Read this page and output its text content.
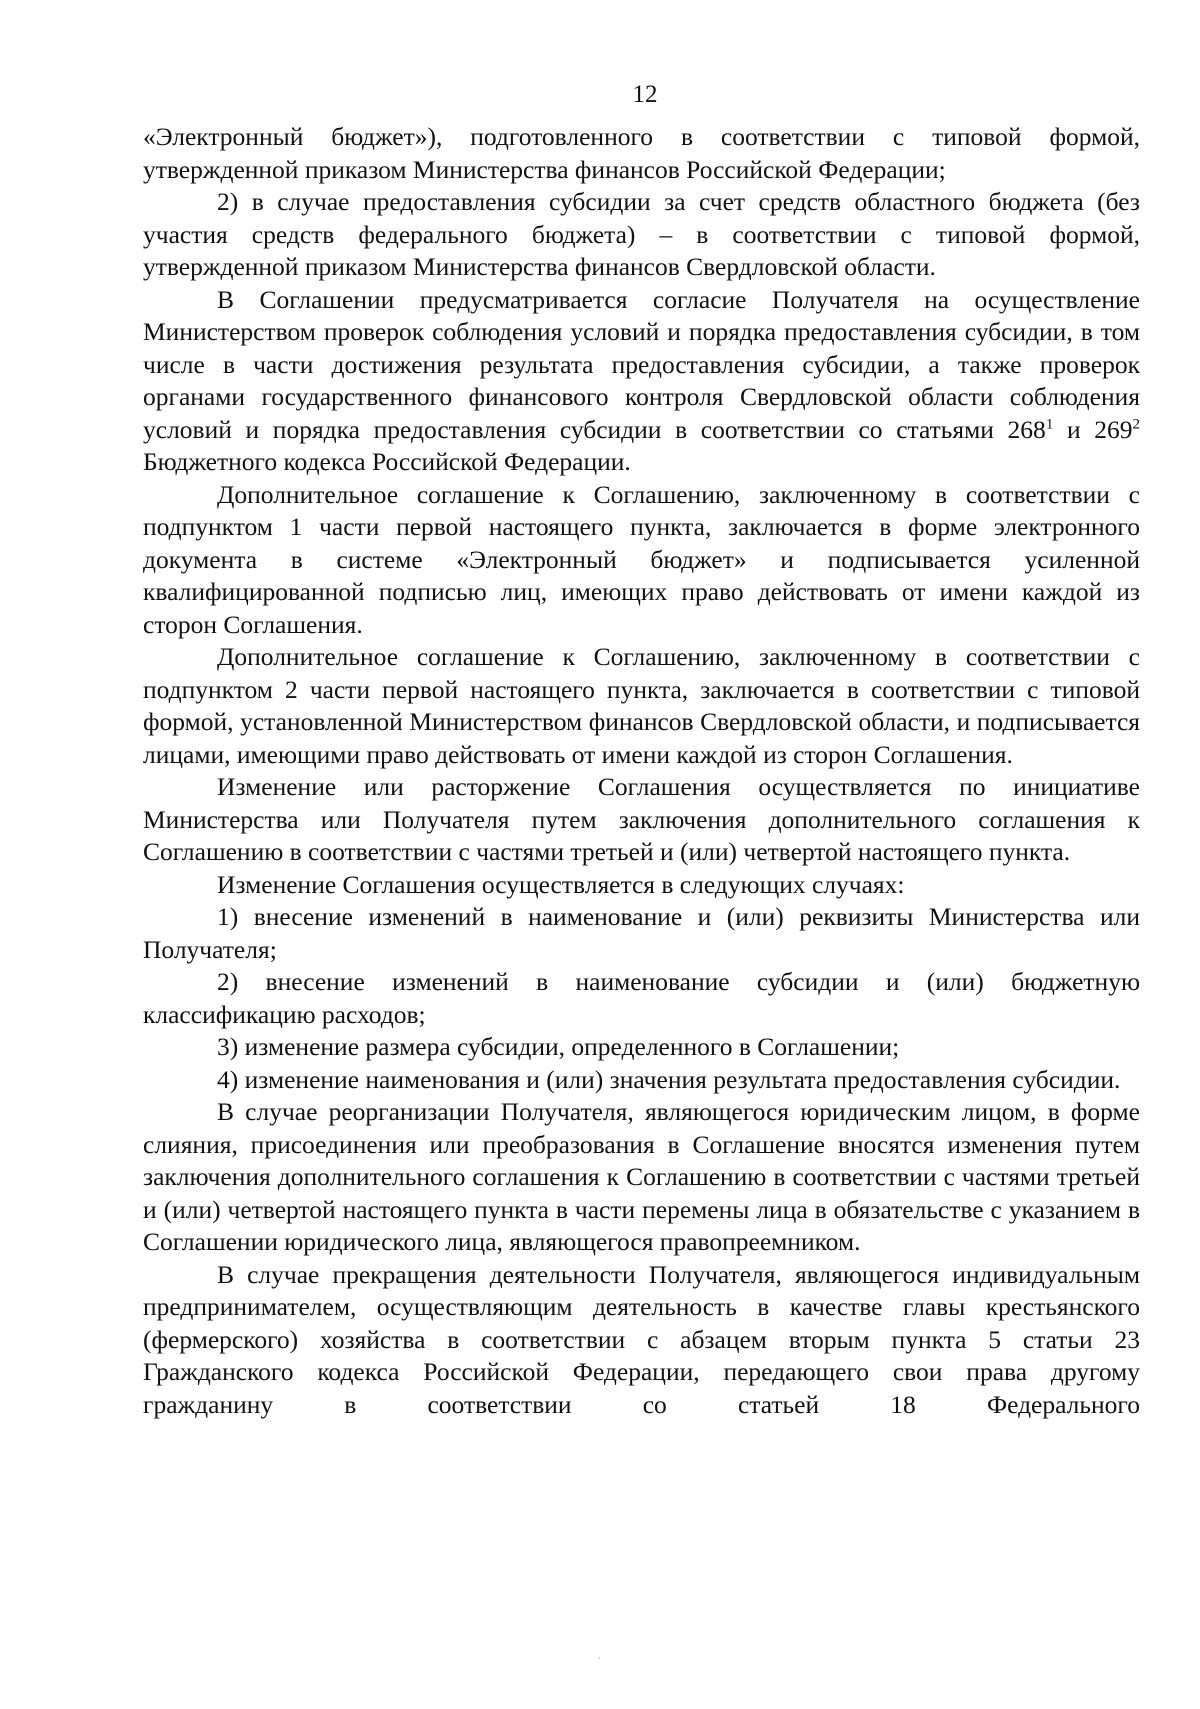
12

«Электронный бюджет»), подготовленного в соответствии с типовой формой, утвержденной приказом Министерства финансов Российской Федерации;

2) в случае предоставления субсидии за счет средств областного бюджета (без участия средств федерального бюджета) – в соответствии с типовой формой, утвержденной приказом Министерства финансов Свердловской области.

В Соглашении предусматривается согласие Получателя на осуществление Министерством проверок соблюдения условий и порядка предоставления субсидии, в том числе в части достижения результата предоставления субсидии, а также проверок органами государственного финансового контроля Свердловской области соблюдения условий и порядка предоставления субсидии в соответствии со статьями $268^1$ и $269^2$ Бюджетного кодекса Российской Федерации.

Дополнительное соглашение к Соглашению, заключенному в соответствии с подпунктом 1 части первой настоящего пункта, заключается в форме электронного документа в системе «Электронный бюджет» и подписывается усиленной квалифицированной подписью лиц, имеющих право действовать от имени каждой из сторон Соглашения.

Дополнительное соглашение к Соглашению, заключенному в соответствии с подпунктом 2 части первой настоящего пункта, заключается в соответствии с типовой формой, установленной Министерством финансов Свердловской области, и подписывается лицами, имеющими право действовать от имени каждой из сторон Соглашения.

Изменение или расторжение Соглашения осуществляется по инициативе Министерства или Получателя путем заключения дополнительного соглашения к Соглашению в соответствии с частями третьей и (или) четвертой настоящего пункта.

Изменение Соглашения осуществляется в следующих случаях:

1) внесение изменений в наименование и (или) реквизиты Министерства или Получателя;

2) внесение изменений в наименование субсидии и (или) бюджетную классификацию расходов;

3) изменение размера субсидии, определенного в Соглашении;

4) изменение наименования и (или) значения результата предоставления субсидии.

В случае реорганизации Получателя, являющегося юридическим лицом, в форме слияния, присоединения или преобразования в Соглашение вносятся изменения путем заключения дополнительного соглашения к Соглашению в соответствии с частями третьей и (или) четвертой настоящего пункта в части перемены лица в обязательстве с указанием в Соглашении юридического лица, являющегося правопреемником.

В случае прекращения деятельности Получателя, являющегося индивидуальным предпринимателем, осуществляющим деятельность в качестве главы крестьянского (фермерского) хозяйства в соответствии с абзацем вторым пункта 5 статьи 23 Гражданского кодекса Российской Федерации, передающего свои права другому гражданину в соответствии со статьей 18 Федерального
